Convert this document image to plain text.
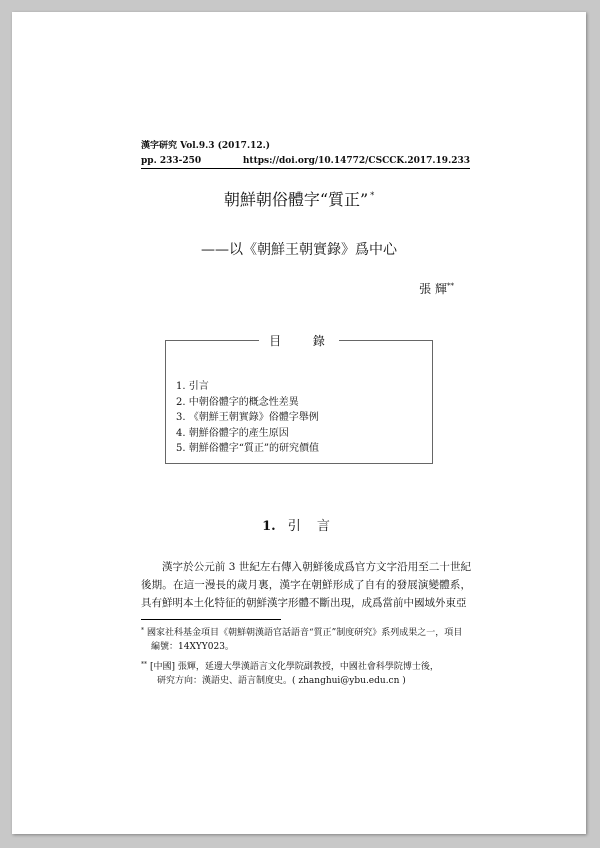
漢字研究 Vol.9.3 (2017.12.)
pp. 233-250	https://doi.org/10.14772/CSCCK.2017.19.233
朝鮮朝俗體字“質正” *
——以《朝鮮王朝實錄》爲中心
張 輝**
目 錄
1. 引言
2. 中朝俗體字的概念性差異
3. 《朝鮮王朝實錄》俗體字舉例
4. 朝鮮俗體字的產生原因
5. 朝鮮俗體字“質正”的研究價值
1. 引 言

漢字於公元前 3 世紀左右傳入朝鮮後成爲官方文字沿用至二十世紀後期。在這一漫長的歲月裏，漢字在朝鮮形成了自有的發展演變體系，具有鮮明本土化特征的朝鮮漢字形體不斷出現，成爲當前中國域外東亞

* 國家社科基金項目《朝鮮朝漢語官話語音“質正”制度研究》系列成果之一，項目
編號：14XYY023。
** [中國] 張輝，延邊大學漢語言文化學院副教授，中國社會科學院博士後，
研究方向：漢語史、語言制度史。( zhanghui@ybu.edu.cn )
